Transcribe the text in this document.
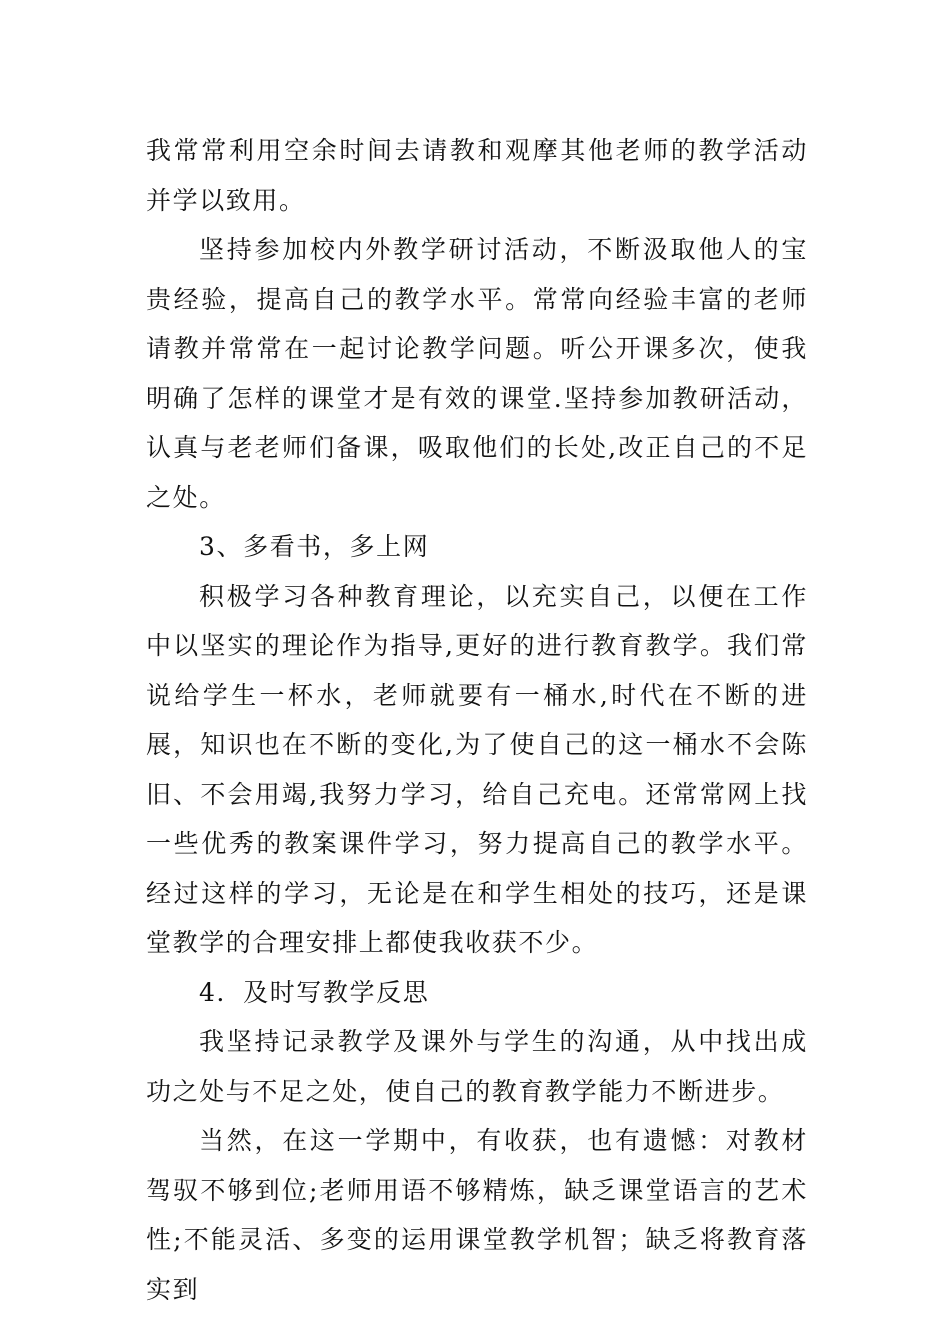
我常常利用空余时间去请教和观摩其他老师的教学活动并学以致用。

坚持参加校内外教学研讨活动，不断汲取他人的宝贵经验，提高自己的教学水平。常常向经验丰富的老师请教并常常在一起讨论教学问题。听公开课多次，使我明确了怎样的课堂才是有效的课堂.坚持参加教研活动，认真与老老师们备课，吸取他们的长处,改正自己的不足之处。

3、多看书，多上网

积极学习各种教育理论，以充实自己，以便在工作中以坚实的理论作为指导,更好的进行教育教学。我们常说给学生一杯水，老师就要有一桶水,时代在不断的进展，知识也在不断的变化,为了使自己的这一桶水不会陈旧、不会用竭,我努力学习，给自己充电。还常常网上找一些优秀的教案课件学习，努力提高自己的教学水平。经过这样的学习，无论是在和学生相处的技巧，还是课堂教学的合理安排上都使我收获不少。

4．及时写教学反思

我坚持记录教学及课外与学生的沟通，从中找出成功之处与不足之处，使自己的教育教学能力不断进步。

当然，在这一学期中，有收获，也有遗憾：对教材驾驭不够到位;老师用语不够精炼，缺乏课堂语言的艺术性;不能灵活、多变的运用课堂教学机智；缺乏将教育落实到
